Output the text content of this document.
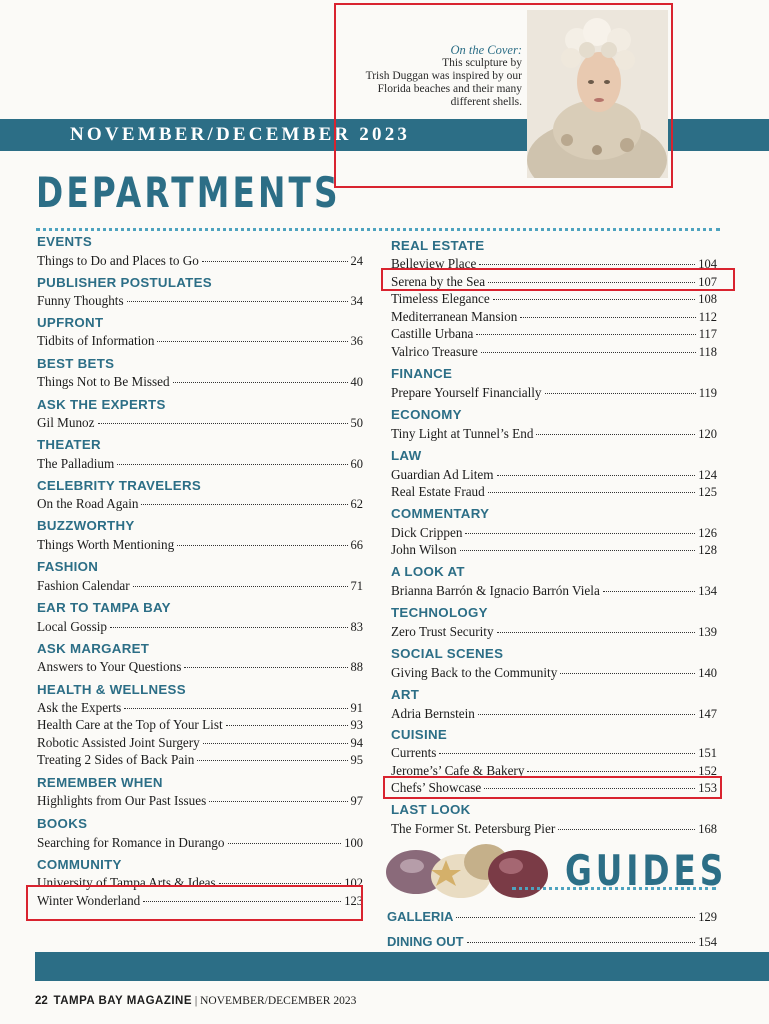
NOVEMBER/DECEMBER 2023
On the Cover:
This sculpture by
Trish Duggan was inspired by our
Florida beaches and their many
different shells.
DEPARTMENTS
EVENTS
Things to Do and Places to Go	24
PUBLISHER POSTULATES
Funny Thoughts	34
UPFRONT
Tidbits of Information	36
BEST BETS
Things Not to Be Missed	40
ASK THE EXPERTS
Gil Munoz	50
THEATER
The Palladium	60
CELEBRITY TRAVELERS
On the Road Again	62
BUZZWORTHY
Things Worth Mentioning	66
FASHION
Fashion Calendar	71
EAR TO TAMPA BAY
Local Gossip	83
ASK MARGARET
Answers to Your Questions	88
HEALTH & WELLNESS
Ask the Experts	91
Health Care at the Top of Your List	93
Robotic Assisted Joint Surgery	94
Treating 2 Sides of Back Pain	95
REMEMBER WHEN
Highlights from Our Past Issues	97
BOOKS
Searching for Romance in Durango	100
COMMUNITY
University of Tampa Arts & Ideas	102
Winter Wonderland	123
REAL ESTATE
Belleview Place	104
Serena by the Sea	107
Timeless Elegance	108
Mediterranean Mansion	112
Castille Urbana	117
Valrico Treasure	118
FINANCE
Prepare Yourself Financially	119
ECONOMY
Tiny Light at Tunnel’s End	120
LAW
Guardian Ad Litem	124
Real Estate Fraud	125
COMMENTARY
Dick Crippen	126
John Wilson	128
A LOOK AT
Brianna Barrón & Ignacio Barrón Viela	134
TECHNOLOGY
Zero Trust Security	139
SOCIAL SCENES
Giving Back to the Community	140
ART
Adria Bernstein	147
CUISINE
Currents	151
Jerome’s’ Cafe & Bakery	152
Chefs’ Showcase	153
LAST LOOK
The Former St. Petersburg Pier	168
GUIDES
GALLERIA	129
DINING OUT	154
22 TAMPA BAY MAGAZINE | NOVEMBER/DECEMBER 2023
